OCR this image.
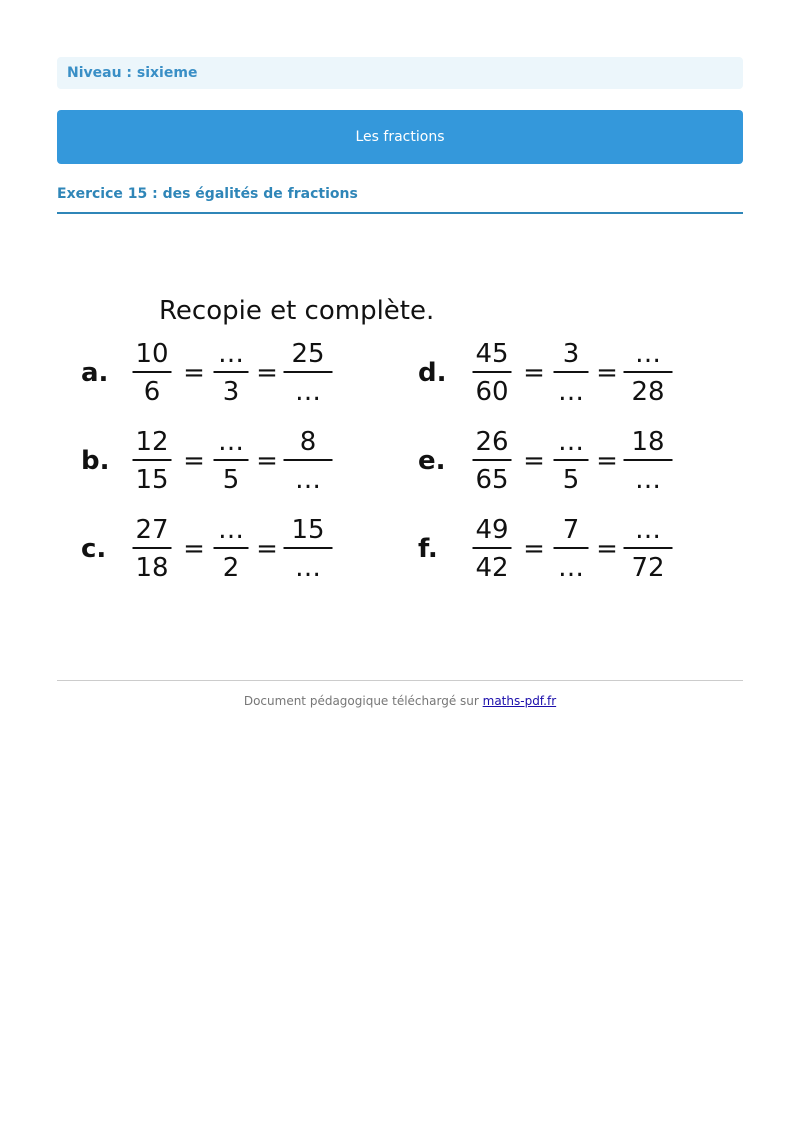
Niveau : sixieme
Les fractions
Exercice 15 : des égalités de fractions
Recopie et complète.
a.
10
6
…
3
25
…
= =
b.
12
15
…
5
8
…
= =
c.
27
18
…
2
15
…
= =
d.
45
60
3
…
…
28
= =
e.
26
65
…
5
18
…
= =
f.
49
42
7
…
…
72
= =
Document pédagogique téléchargé sur maths-pdf.fr
